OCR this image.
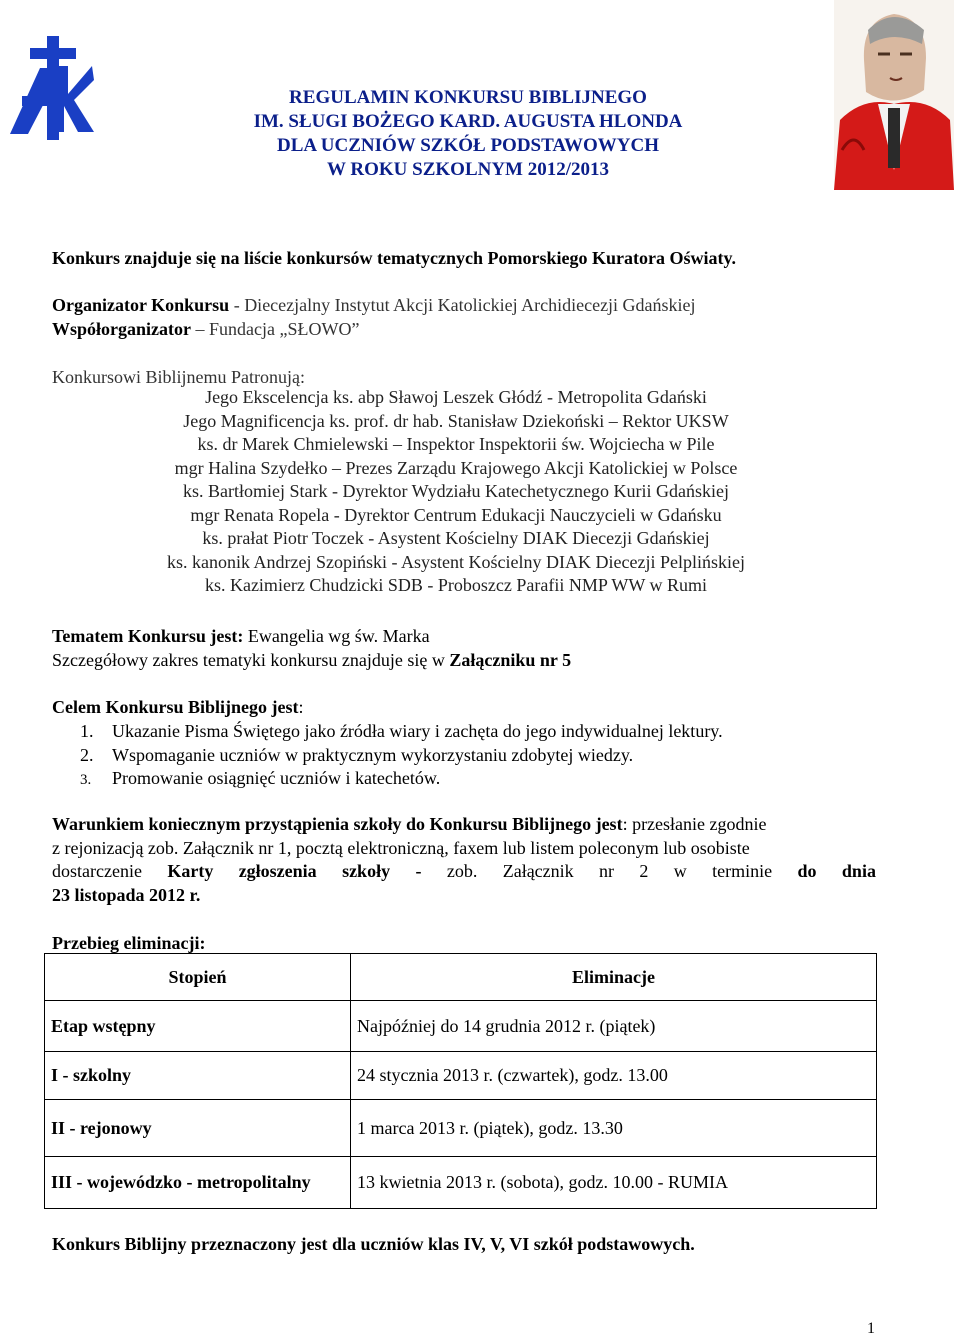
REGULAMIN KONKURSU BIBLIJNEGO
IM. SŁUGI BOŻEGO KARD. AUGUSTA HLONDA
DLA UCZNIÓW SZKÓŁ PODSTAWOWYCH
W ROKU SZKOLNYM 2012/2013
Konkurs znajduje się na liście konkursów tematycznych Pomorskiego Kuratora Oświaty.
Organizator Konkursu - Diecezjalny Instytut Akcji Katolickiej Archidiecezji Gdańskiej
Współorganizator – Fundacja „SŁOWO”
Konkursowi Biblijnemu Patronują:
Jego Ekscelencja ks. abp Sławoj Leszek Głódź - Metropolita Gdański
Jego Magnificencja ks. prof. dr hab. Stanisław Dziekoński – Rektor UKSW
ks. dr Marek Chmielewski – Inspektor Inspektorii św. Wojciecha w Pile
mgr Halina Szydełko – Prezes Zarządu Krajowego Akcji Katolickiej w Polsce
ks. Bartłomiej Stark - Dyrektor Wydziału Katechetycznego Kurii Gdańskiej
mgr Renata Ropela - Dyrektor Centrum Edukacji Nauczycieli w Gdańsku
ks. prałat Piotr Toczek - Asystent Kościelny DIAK Diecezji Gdańskiej
ks. kanonik Andrzej Szopiński - Asystent Kościelny DIAK Diecezji Pelplińskiej
ks. Kazimierz Chudzicki SDB - Proboszcz Parafii NMP WW w Rumi
Tematem Konkursu jest: Ewangelia wg św. Marka
Szczegółowy zakres tematyki konkursu znajduje się w Załączniku nr 5
Celem Konkursu Biblijnego jest:
1. Ukazanie Pisma Świętego jako źródła wiary i zachęta do jego indywidualnej lektury.
2. Wspomaganie uczniów w praktycznym wykorzystaniu zdobytej wiedzy.
3. Promowanie osiągnięć uczniów i katechetów.
Warunkiem koniecznym przystąpienia szkoły do Konkursu Biblijnego jest: przesłanie zgodnie
z rejonizacją zob. Załącznik nr 1, pocztą elektroniczną, faxem lub listem poleconym lub osobiste
dostarczenie Karty zgłoszenia szkoły - zob. Załącznik nr 2 w terminie do dnia
23 listopada 2012 r.
Przebieg eliminacji:
Stopień	Eliminacje
Etap wstępny	Najpóźniej do 14 grudnia 2012 r. (piątek)
I - szkolny	24 stycznia 2013 r. (czwartek), godz. 13.00
II - rejonowy	1 marca 2013 r. (piątek), godz. 13.30
III - wojewódzko - metropolitalny	13 kwietnia 2013 r. (sobota), godz. 10.00 - RUMIA
Konkurs Biblijny przeznaczony jest dla uczniów klas IV, V, VI szkół podstawowych.
1
